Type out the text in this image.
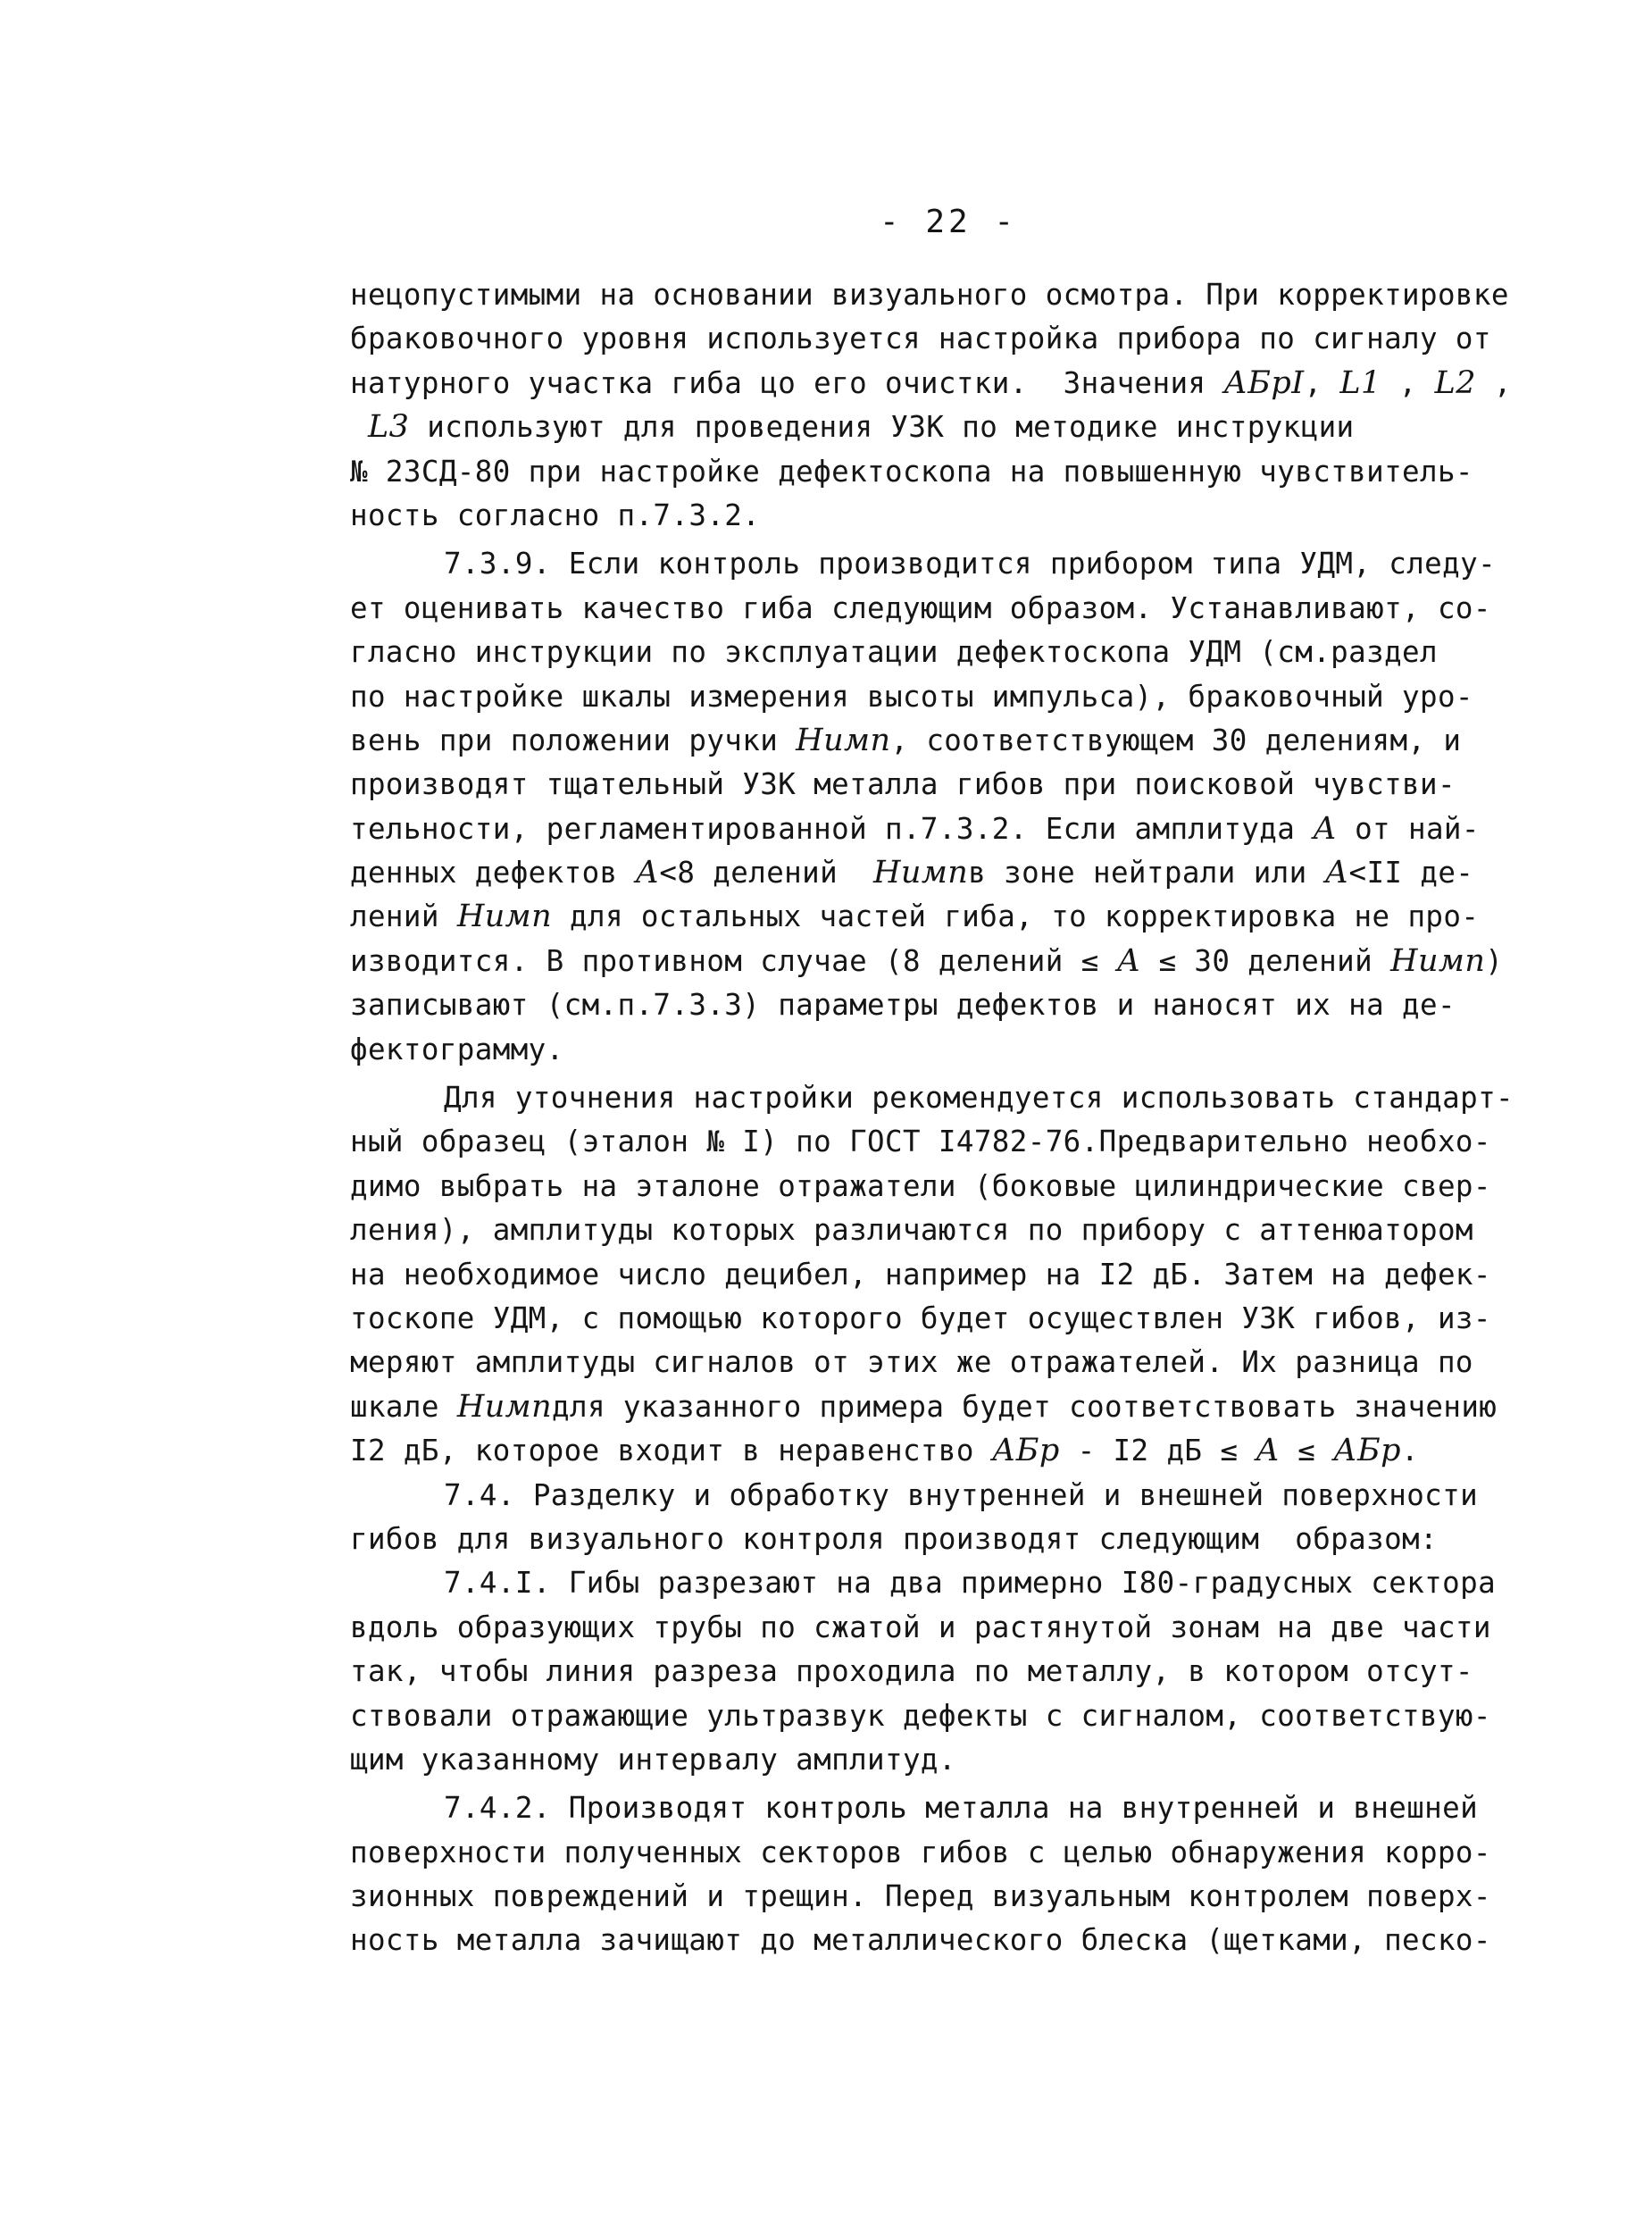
- 22 -
нецопустимыми на основании визуального осмотра. При корректировке
браковочного уровня используется настройка прибора по сигналу от
натурного участка гиба цо его очистки.  Значения АБрI, L1 , L2 ,
L3 используют для проведения УЗК по методике инструкции
№ 23СД-80 при настройке дефектоскопа на повышенную чувствитель-
ность согласно п.7.3.2.
7.3.9. Если контроль производится прибором типа УДМ, следу-
ет оценивать качество гиба следующим образом. Устанавливают, со-
гласно инструкции по эксплуатации дефектоскопа УДМ (см.раздел
по настройке шкалы измерения высоты импульса), браковочный уро-
вень при положении ручки Нимп, соответствующем 30 делениям, и
производят тщательный УЗК металла гибов при поисковой чувстви-
тельности, регламентированной п.7.3.2. Если амплитуда А от най-
денных дефектов А<8 делений  Нимпв зоне нейтрали или А<II де-
лений Нимп для остальных частей гиба, то корректировка не про-
изводится. В противном случае (8 делений ≤ А ≤ 30 делений Нимп)
записывают (см.п.7.3.3) параметры дефектов и наносят их на де-
фектограмму.
Для уточнения настройки рекомендуется использовать стандарт-
ный образец (эталон № I) по ГОСТ I4782-76.Предварительно необхо-
димо выбрать на эталоне отражатели (боковые цилиндрические свер-
ления), амплитуды которых различаются по прибору с аттенюатором
на необходимое число децибел, например на I2 дБ. Затем на дефек-
тоскопе УДМ, с помощью которого будет осуществлен УЗК гибов, из-
меряют амплитуды сигналов от этих же отражателей. Их разница по
шкале Нимпдля указанного примера будет соответствовать значению
I2 дБ, которое входит в неравенство АБр - I2 дБ ≤ А ≤ АБр.
7.4. Разделку и обработку внутренней и внешней поверхности
гибов для визуального контроля производят следующим  образом:
7.4.I. Гибы разрезают на два примерно I80-градусных сектора
вдоль образующих трубы по сжатой и растянутой зонам на две части
так, чтобы линия разреза проходила по металлу, в котором отсут-
ствовали отражающие ультразвук дефекты с сигналом, соответствую-
щим указанному интервалу амплитуд.
7.4.2. Производят контроль металла на внутренней и внешней
поверхности полученных секторов гибов с целью обнаружения корро-
зионных повреждений и трещин. Перед визуальным контролем поверх-
ность металла зачищают до металлического блеска (щетками, песко-
